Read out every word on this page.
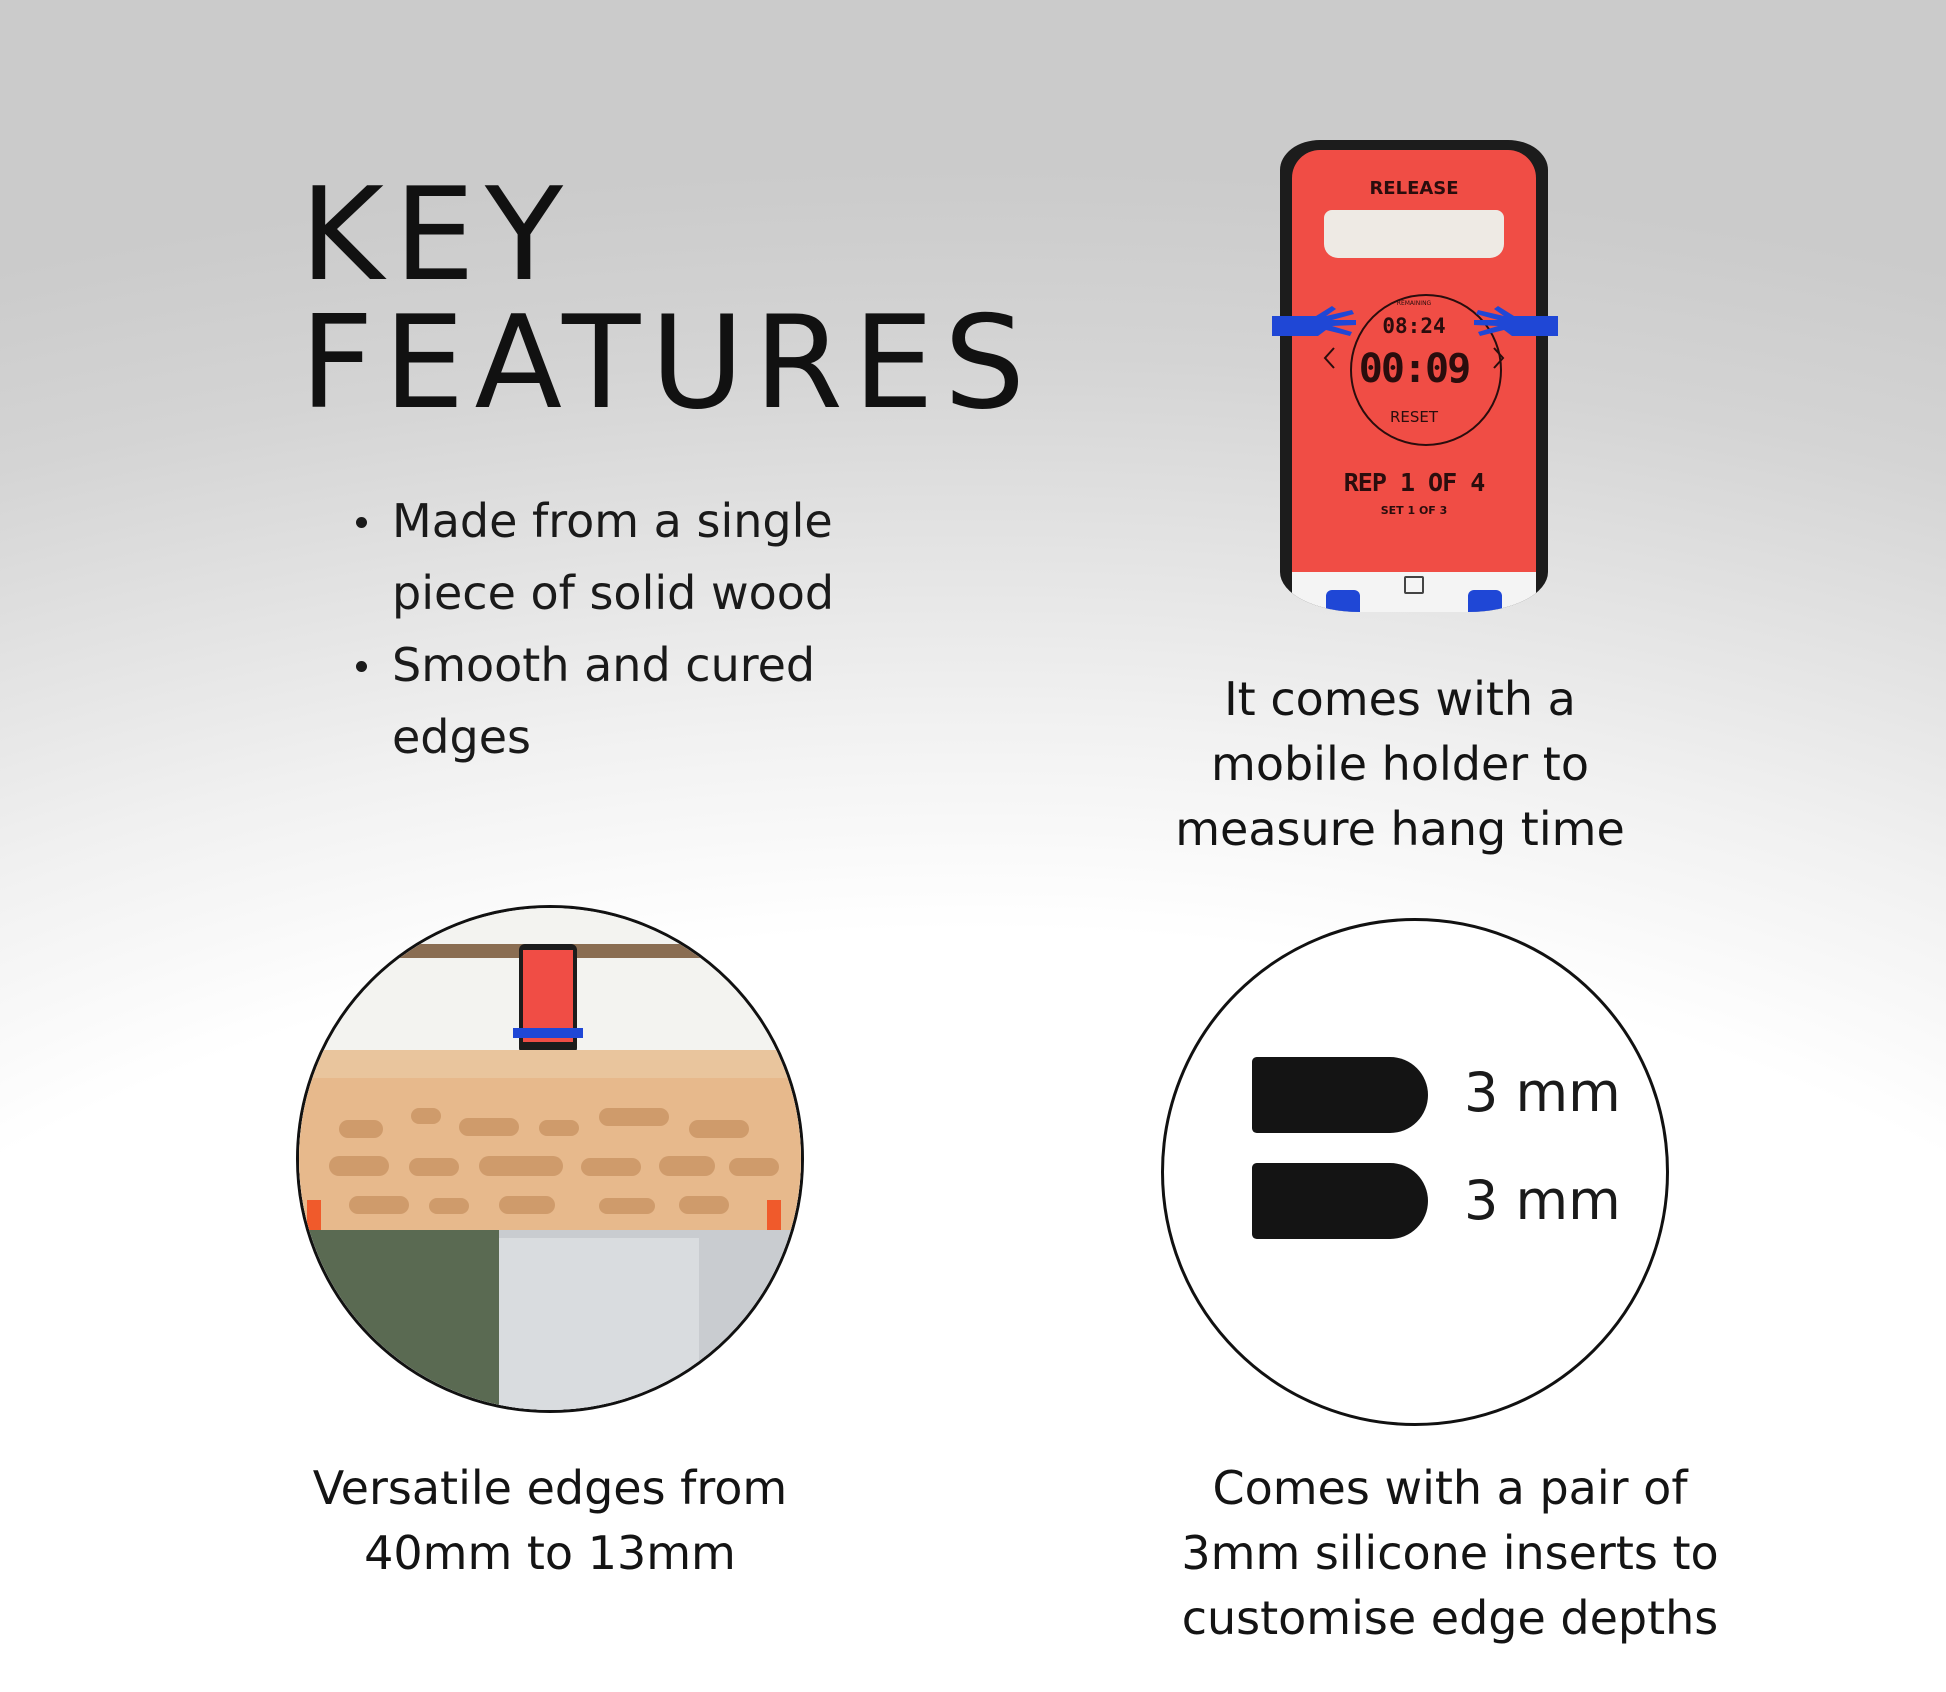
KEY
FEATURES
Made from a single piece of solid wood
Smooth and cured edges
RELEASE
REMAINING
08:24
00:09
RESET
REP 1 OF 4
SET 1 OF 3

It comes with a
mobile holder to
measure hang time

Versatile edges from
40mm to 13mm

3 mm
3 mm

Comes with a pair of
3mm silicone inserts to
customise edge depths
